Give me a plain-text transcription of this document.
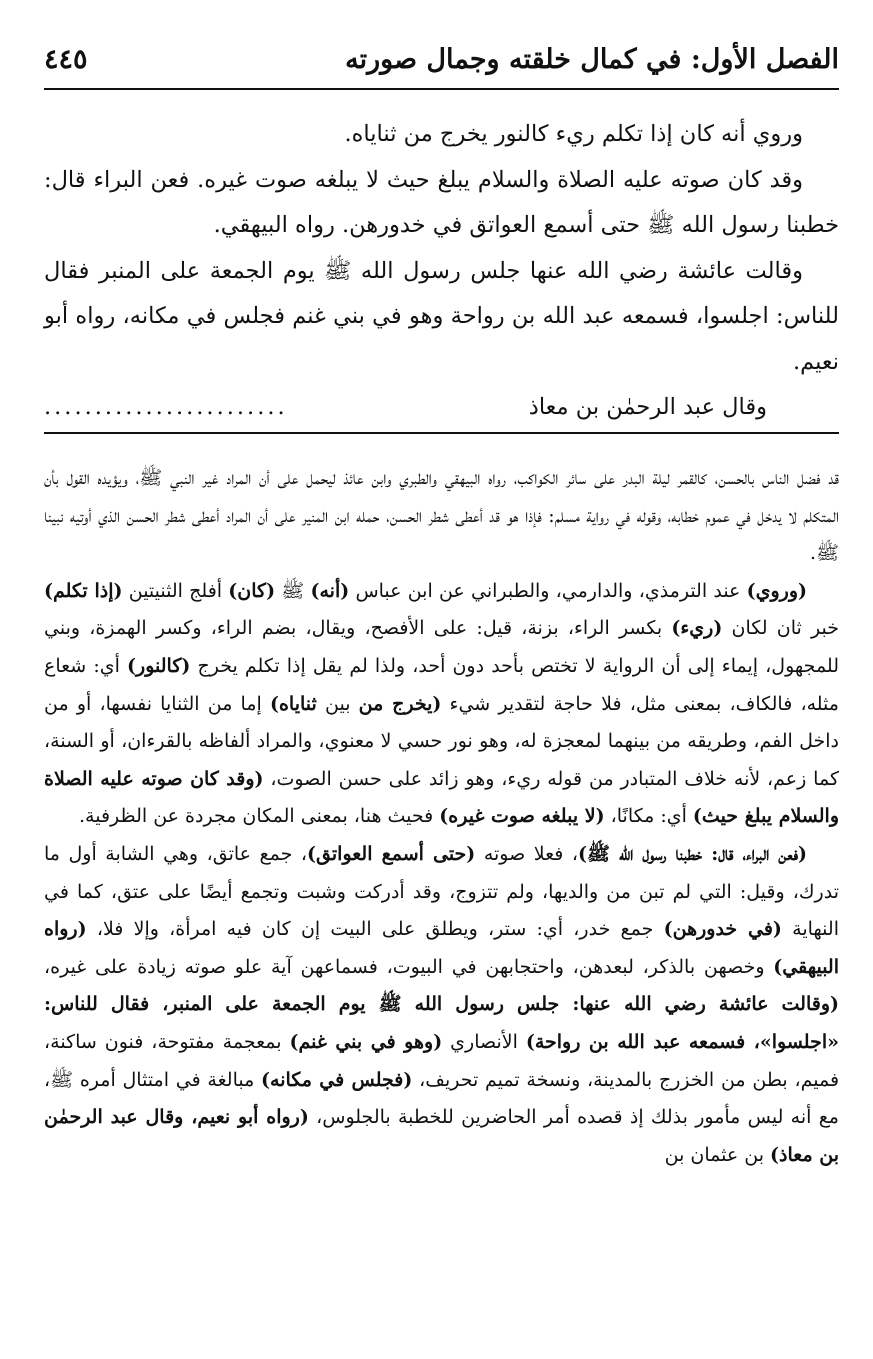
الفصل الأول: في كمال خلقته وجمال صورته
٤٤٥

وروي أنه كان إذا تكلم ريء كالنور يخرج من ثناياه.

وقد كان صوته عليه الصلاة والسلام يبلغ حيث لا يبلغه صوت غيره. فعن البراء قال: خطبنا رسول الله ﷺ حتى أسمع العواتق في خدورهن. رواه البيهقي.

وقالت عائشة رضي الله عنها جلس رسول الله ﷺ يوم الجمعة على المنبر فقال للناس: اجلسوا، فسمعه عبد الله بن رواحة وهو في بني غنم فجلس في مكانه، رواه أبو نعيم.

وقال عبد الرحمٰن بن معاذ
........................

قد فضل الناس بالحسن، كالقمر ليلة البدر على سائر الكواكب، رواه البيهقي والطبري وابن عائذ ليحمل على أن المراد غير النبي ﷺ، ويؤيده القول بأن المتكلم لا يدخل في عموم خطابه، وقوله في رواية مسلم: فإذا هو قد أعطى شطر الحسن، حمله ابن المنير على أن المراد أعطى شطر الحسن الذي أوتيه نبينا ﷺ.

(وروي) عند الترمذي، والدارمي، والطبراني عن ابن عباس (أنه) ﷺ (كان) أفلج الثنيتين (إذا تكلم) خبر ثان لكان (ريء) بكسر الراء، بزنة، قيل: على الأفصح، ويقال، بضم الراء، وكسر الهمزة، وبني للمجهول، إيماء إلى أن الرواية لا تختص بأحد دون أحد، ولذا لم يقل إذا تكلم يخرج (كالنور) أي: شعاع مثله، فالكاف، بمعنى مثل، فلا حاجة لتقدير شيء (يخرج من بين ثناياه) إما من الثنايا نفسها، أو من داخل الفم، وطريقه من بينهما لمعجزة له، وهو نور حسي لا معنوي، والمراد ألفاظه بالقرءان، أو السنة، كما زعم، لأنه خلاف المتبادر من قوله ريء، وهو زائد على حسن الصوت، (وقد كان صوته عليه الصلاة والسلام يبلغ حيث) أي: مكانًا، (لا يبلغه صوت غيره) فحيث هنا، بمعنى المكان مجردة عن الظرفية.

(فعن البراء، قال: خطبنا رسول الله ﷺ)، فعلا صوته (حتى أسمع العواتق)، جمع عاتق، وهي الشابة أول ما تدرك، وقيل: التي لم تبن من والديها، ولم تتزوج، وقد أدركت وشبت وتجمع أيضًا على عتق، كما في النهاية (في خدورهن) جمع خدر، أي: ستر، ويطلق على البيت إن كان فيه امرأة، وإلا فلا، (رواه البيهقي) وخصهن بالذكر، لبعدهن، واحتجابهن في البيوت، فسماعهن آية علو صوته زيادة على غيره، (وقالت عائشة رضي الله عنها: جلس رسول الله ﷺ يوم الجمعة على المنبر، فقال للناس: «اجلسوا»، فسمعه عبد الله بن رواحة) الأنصاري (وهو في بني غنم) بمعجمة مفتوحة، فنون ساكنة، فميم، بطن من الخزرج بالمدينة، ونسخة تميم تحريف، (فجلس في مكانه) مبالغة في امتثال أمره ﷺ، مع أنه ليس مأمور بذلك إذ قصده أمر الحاضرين للخطبة بالجلوس، (رواه أبو نعيم، وقال عبد الرحمٰن بن معاذ) بن عثمان بن
